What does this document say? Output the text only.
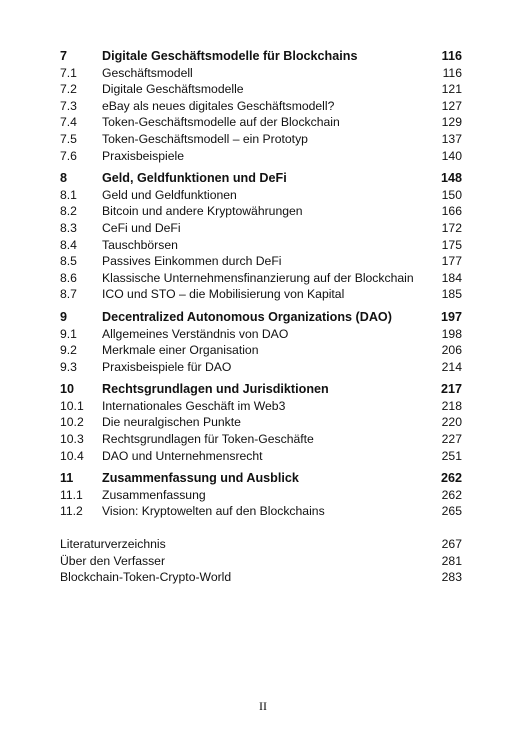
7	Digitale Geschäftsmodelle für Blockchains	116
7.1	Geschäftsmodell	116
7.2	Digitale Geschäftsmodelle	121
7.3	eBay als neues digitales Geschäftsmodell?	127
7.4	Token-Geschäftsmodelle auf der Blockchain	129
7.5	Token-Geschäftsmodell – ein Prototyp	137
7.6	Praxisbeispiele	140
8	Geld, Geldfunktionen und DeFi	148
8.1	Geld und Geldfunktionen	150
8.2	Bitcoin und andere Kryptowährungen	166
8.3	CeFi und DeFi	172
8.4	Tauschbörsen	175
8.5	Passives Einkommen durch DeFi	177
8.6	Klassische Unternehmensfinanzierung auf der Blockchain	184
8.7	ICO und STO – die Mobilisierung von Kapital	185
9	Decentralized Autonomous Organizations (DAO)	197
9.1	Allgemeines Verständnis von DAO	198
9.2	Merkmale einer Organisation	206
9.3	Praxisbeispiele für DAO	214
10	Rechtsgrundlagen und Jurisdiktionen	217
10.1	Internationales Geschäft im Web3	218
10.2	Die neuralgischen Punkte	220
10.3	Rechtsgrundlagen für Token-Geschäfte	227
10.4	DAO und Unternehmensrecht	251
11	Zusammenfassung und Ausblick	262
11.1	Zusammenfassung	262
11.2	Vision: Kryptowelten auf den Blockchains	265
Literaturverzeichnis	267
Über den Verfasser	281
Blockchain-Token-Crypto-World	283
II
